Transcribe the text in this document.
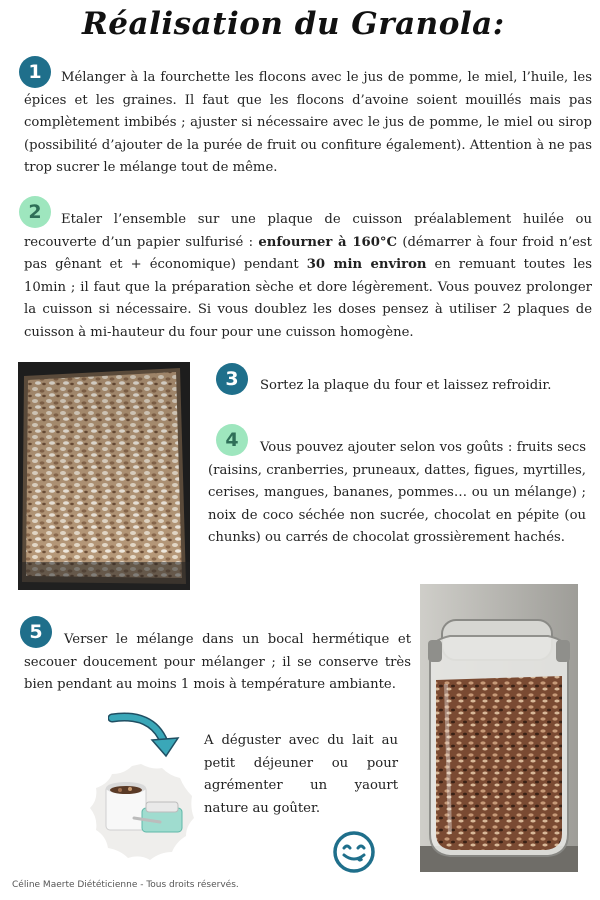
Réalisation du Granola:
1	Mélanger à la fourchette les flocons avec le jus de pomme, le miel, l’huile, les épices et les graines. Il faut que les flocons d’avoine soient mouillés mais pas complètement imbibés ; ajuster si nécessaire avec le jus de pomme, le miel ou sirop (possibilité d’ajouter de la purée de fruit ou confiture également). Attention à ne pas trop sucrer le mélange tout de même.
2	Etaler l’ensemble sur une plaque de cuisson préalablement huilée ou recouverte d’un papier sulfurisé : enfourner à 160°C (démarrer à four froid n’est pas gênant et + économique) pendant 30 min environ en remuant toutes les 10min ; il faut que la préparation sèche et dore légèrement. Vous pouvez prolonger la cuisson si nécessaire. Si vous doublez les doses pensez à utiliser 2 plaques de cuisson à mi-hauteur du four pour une cuisson homogène.
3	Sortez la plaque du four et laissez refroidir.
4	Vous pouvez ajouter selon vos goûts : fruits secs (raisins, cranberries, pruneaux, dattes, figues, myrtilles, cerises, mangues, bananes, pommes… ou un mélange) ; noix de coco séchée non sucrée, chocolat en pépite (ou chunks) ou carrés de chocolat grossièrement hachés.
5	Verser le mélange dans un bocal hermétique et secouer doucement pour mélanger ; il se conserve très bien pendant au moins 1 mois à température ambiante.
A déguster avec du lait au petit déjeuner ou pour agrémenter un yaourt nature au goûter.
Céline Maerte Diététicienne - Tous droits réservés.
